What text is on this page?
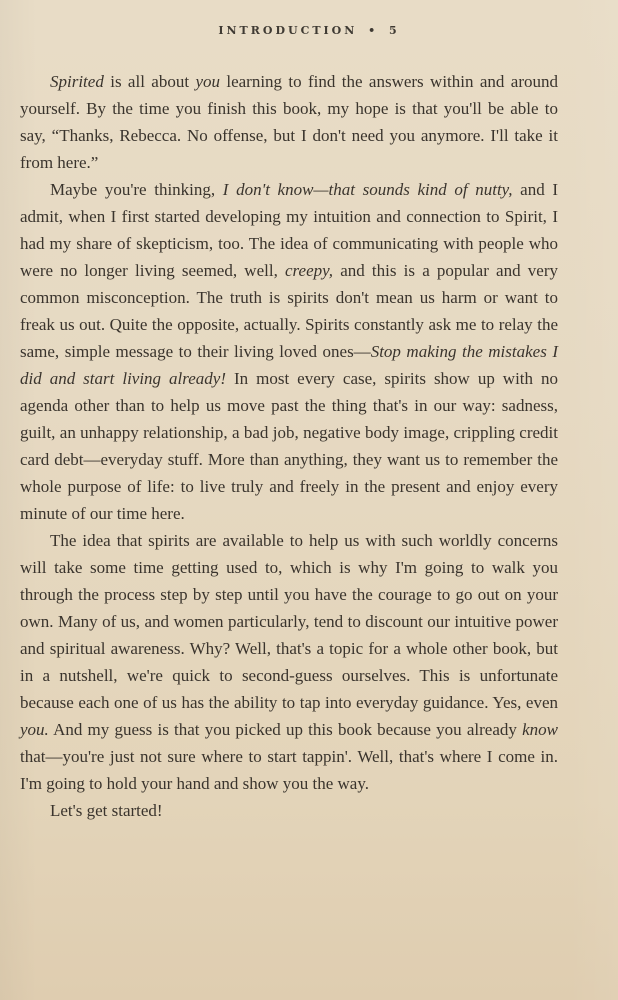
INTRODUCTION • 5

Spirited is all about you learning to find the answers within and around yourself. By the time you finish this book, my hope is that you'll be able to say, “Thanks, Rebecca. No offense, but I don't need you anymore. I'll take it from here.”

Maybe you're thinking, I don't know—that sounds kind of nutty, and I admit, when I first started developing my intuition and connection to Spirit, I had my share of skepticism, too. The idea of communicating with people who were no longer living seemed, well, creepy, and this is a popular and very common misconception. The truth is spirits don't mean us harm or want to freak us out. Quite the opposite, actually. Spirits constantly ask me to relay the same, simple message to their living loved ones—Stop making the mistakes I did and start living already! In most every case, spirits show up with no agenda other than to help us move past the thing that's in our way: sadness, guilt, an unhappy relationship, a bad job, negative body image, crippling credit card debt—everyday stuff. More than anything, they want us to remember the whole purpose of life: to live truly and freely in the present and enjoy every minute of our time here.

The idea that spirits are available to help us with such worldly concerns will take some time getting used to, which is why I'm going to walk you through the process step by step until you have the courage to go out on your own. Many of us, and women particularly, tend to discount our intuitive power and spiritual awareness. Why? Well, that's a topic for a whole other book, but in a nutshell, we're quick to second-guess ourselves. This is unfortunate because each one of us has the ability to tap into everyday guidance. Yes, even you. And my guess is that you picked up this book because you already know that—you're just not sure where to start tappin'. Well, that's where I come in. I'm going to hold your hand and show you the way.

Let's get started!
